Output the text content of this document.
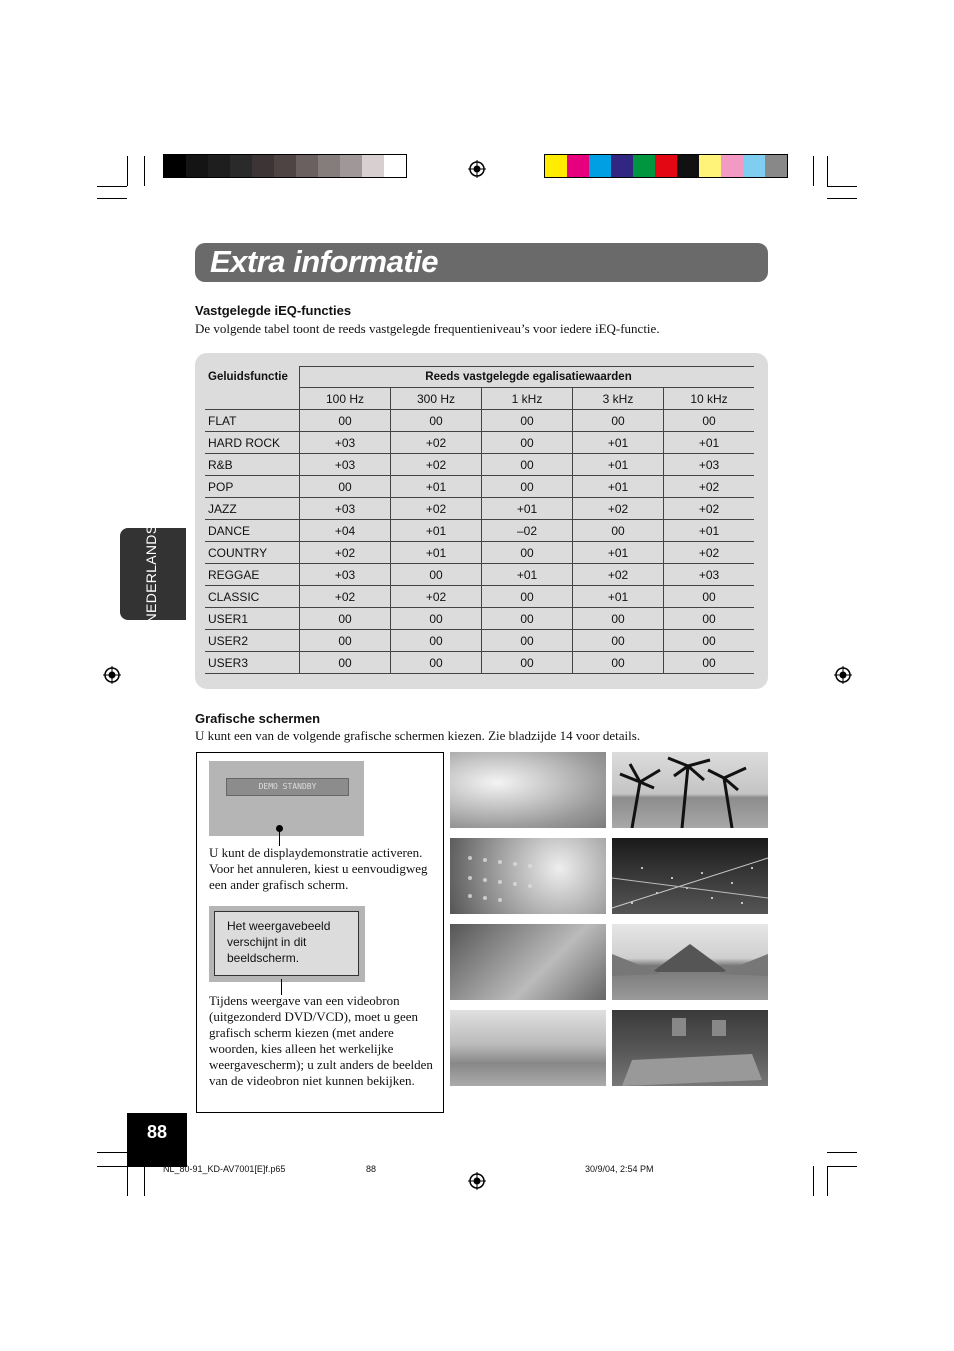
Extra informatie
Vastgelegde iEQ-functies
De volgende tabel toont de reeds vastgelegde frequentieniveau’s voor iedere iEQ-functie.
NEDERLANDS
Geluidsfunctie	Reeds vastgelegde egalisatiewaarden				
	100 Hz	300 Hz	1 kHz	3 kHz	10 kHz
FLAT	00	00	00	00	00
HARD ROCK	+03	+02	00	+01	+01
R&B	+03	+02	00	+01	+03
POP	00	+01	00	+01	+02
JAZZ	+03	+02	+01	+02	+02
DANCE	+04	+01	–02	00	+01
COUNTRY	+02	+01	00	+01	+02
REGGAE	+03	00	+01	+02	+03
CLASSIC	+02	+02	00	+01	00
USER1	00	00	00	00	00
USER2	00	00	00	00	00
USER3	00	00	00	00	00
Grafische schermen
U kunt een van de volgende grafische schermen kiezen. Zie bladzijde 14 voor details.
DEMO STANDBY
U kunt de displaydemonstratie activeren. Voor het annuleren, kiest u eenvoudigweg een ander grafisch scherm.
Het weergavebeeld verschijnt in dit beeldscherm.
Tijdens weergave van een videobron (uitgezonderd DVD/VCD), moet u geen grafisch scherm kiezen (met andere woorden, kies alleen het werkelijke weergavescherm); u zult anders de beelden van de videobron niet kunnen bekijken.
88
NL_80-91_KD-AV7001[E]f.p65	88	30/9/04, 2:54 PM
